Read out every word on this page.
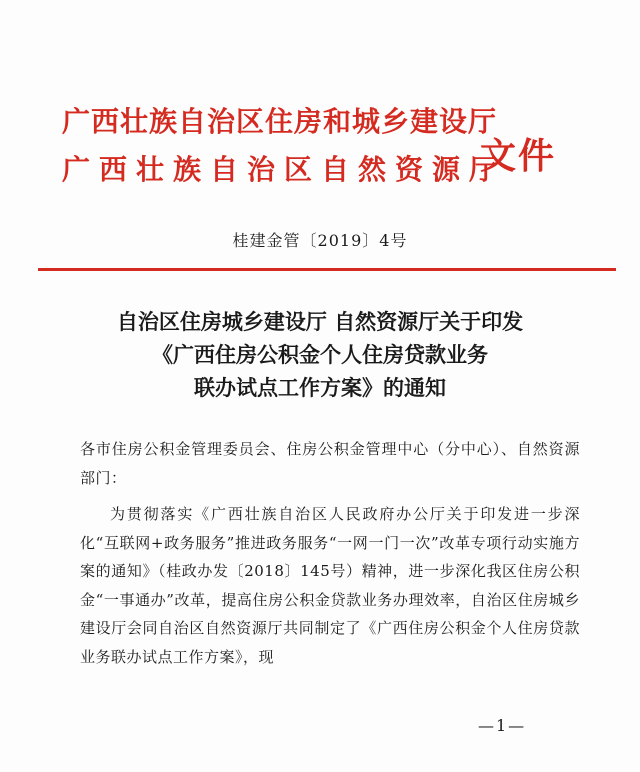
广西壮族自治区住房和城乡建设厅
广西壮族自治区自然资源厅
文件
桂建金管〔2019〕4号
自治区住房城乡建设厅 自然资源厅关于印发
《广西住房公积金个人住房贷款业务
联办试点工作方案》的通知

各市住房公积金管理委员会、住房公积金管理中心（分中心）、自然资源部门：

为贯彻落实《广西壮族自治区人民政府办公厅关于印发进一步深化“互联网+政务服务”推进政务服务“一网一门一次”改革专项行动实施方案的通知》（桂政办发〔2018〕145号）精神，进一步深化我区住房公积金“一事通办”改革，提高住房公积金贷款业务办理效率，自治区住房城乡建设厅会同自治区自然资源厅共同制定了《广西住房公积金个人住房贷款业务联办试点工作方案》，现

—1—
